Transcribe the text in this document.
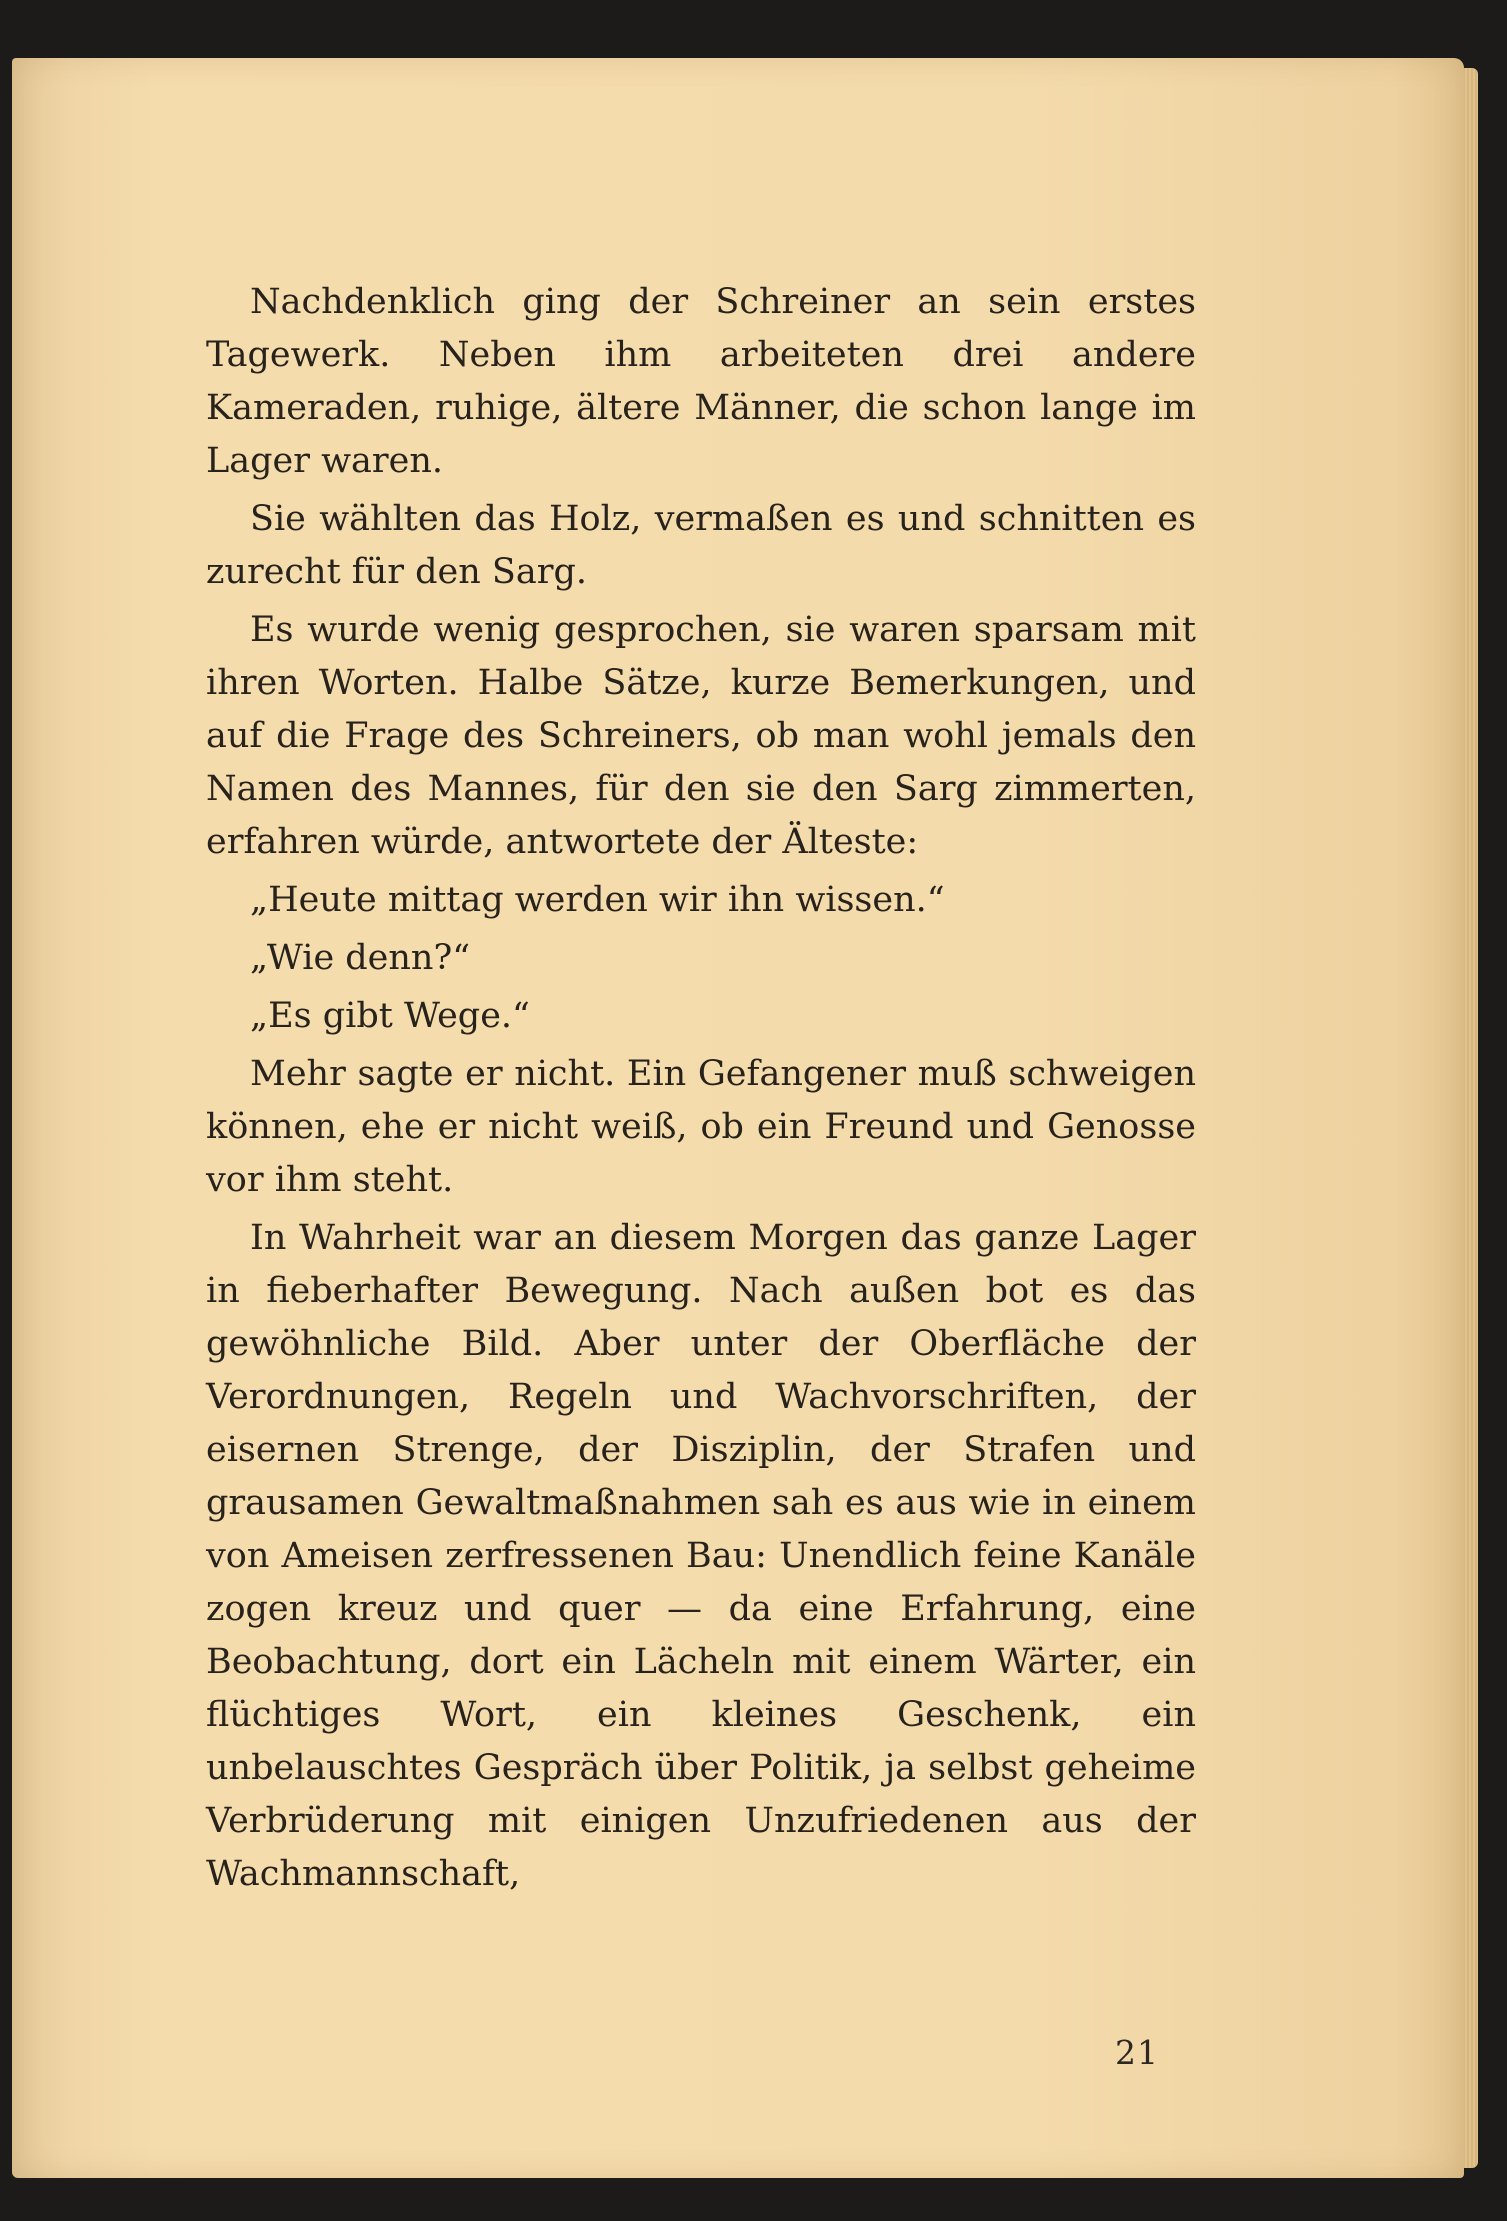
Nachdenklich ging der Schreiner an sein erstes Tagewerk. Neben ihm arbeiteten drei andere Kameraden, ruhige, ältere Männer, die schon lange im Lager waren.

Sie wählten das Holz, vermaßen es und schnitten es zurecht für den Sarg.

Es wurde wenig gesprochen, sie waren sparsam mit ihren Worten. Halbe Sätze, kurze Bemerkungen, und auf die Frage des Schreiners, ob man wohl jemals den Namen des Mannes, für den sie den Sarg zimmerten, erfahren würde, antwortete der Älteste:

„Heute mittag werden wir ihn wissen.“

„Wie denn?“

„Es gibt Wege.“

Mehr sagte er nicht. Ein Gefangener muß schweigen können, ehe er nicht weiß, ob ein Freund und Genosse vor ihm steht.

In Wahrheit war an diesem Morgen das ganze Lager in fieberhafter Bewegung. Nach außen bot es das gewöhnliche Bild. Aber unter der Oberfläche der Verordnungen, Regeln und Wachvorschriften, der eisernen Strenge, der Disziplin, der Strafen und grausamen Gewaltmaßnahmen sah es aus wie in einem von Ameisen zerfressenen Bau: Unendlich feine Kanäle zogen kreuz und quer — da eine Erfahrung, eine Beobachtung, dort ein Lächeln mit einem Wärter, ein flüchtiges Wort, ein kleines Geschenk, ein unbelauschtes Gespräch über Politik, ja selbst geheime Verbrüderung mit einigen Unzufriedenen aus der Wachmannschaft,

21
